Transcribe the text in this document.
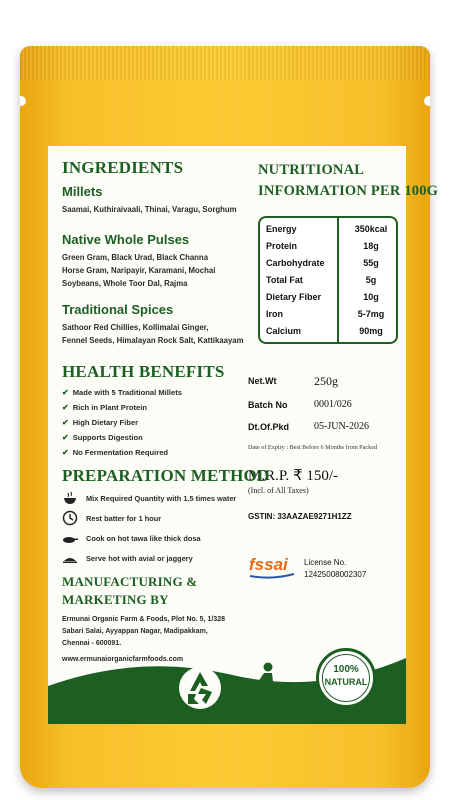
INGREDIENTS
Millets
Saamai, Kuthiraivaali, Thinai, Varagu, Sorghum
Native Whole Pulses
Green Gram, Black Urad, Black Channa
Horse Gram, Naripayir, Karamani, Mochai
Soybeans, Whole Toor Dal, Rajma
Traditional Spices
Sathoor Red Chillies, Kollimalai Ginger,
Fennel Seeds, Himalayan Rock Salt, Kattikaayam
NUTRITIONAL
INFORMATION PER 100G
Energy	350kcal
Protein	18g
Carbohydrate	55g
Total Fat	5g
Dietary Fiber	10g
Iron	5-7mg
Calcium	90mg
HEALTH BENEFITS
✔ Made with 5 Traditional Millets
✔ Rich in Plant Protein
✔ High Dietary Fiber
✔ Supports Digestion
✔ No Fermentation Required
Net.Wt	250g
Batch No	0001/026
Dt.Of.Pkd 05-JUN-2026
Date of Expiry : Best Before 6 Months from Packed
M.R.P. ₹ 150/-
(Incl. of All Taxes)
GSTIN: 33AAZAE9271H1ZZ
PREPARATION METHOD
Mix Required Quantity with 1.5 times water
Rest batter for 1 hour
Cook on hot tawa like thick dosa
Serve hot with avial or jaggery	fssai License No.
12425008002307
MANUFACTURING &
MARKETING BY
Ermunai Organic Farm & Foods, Plot No. 5, 1/328
Sabari Salai, Ayyappan Nagar, Madipakkam,
Chennai - 600091.
www.ermunaiorganicfarmfoods.com
100%
NATURAL
